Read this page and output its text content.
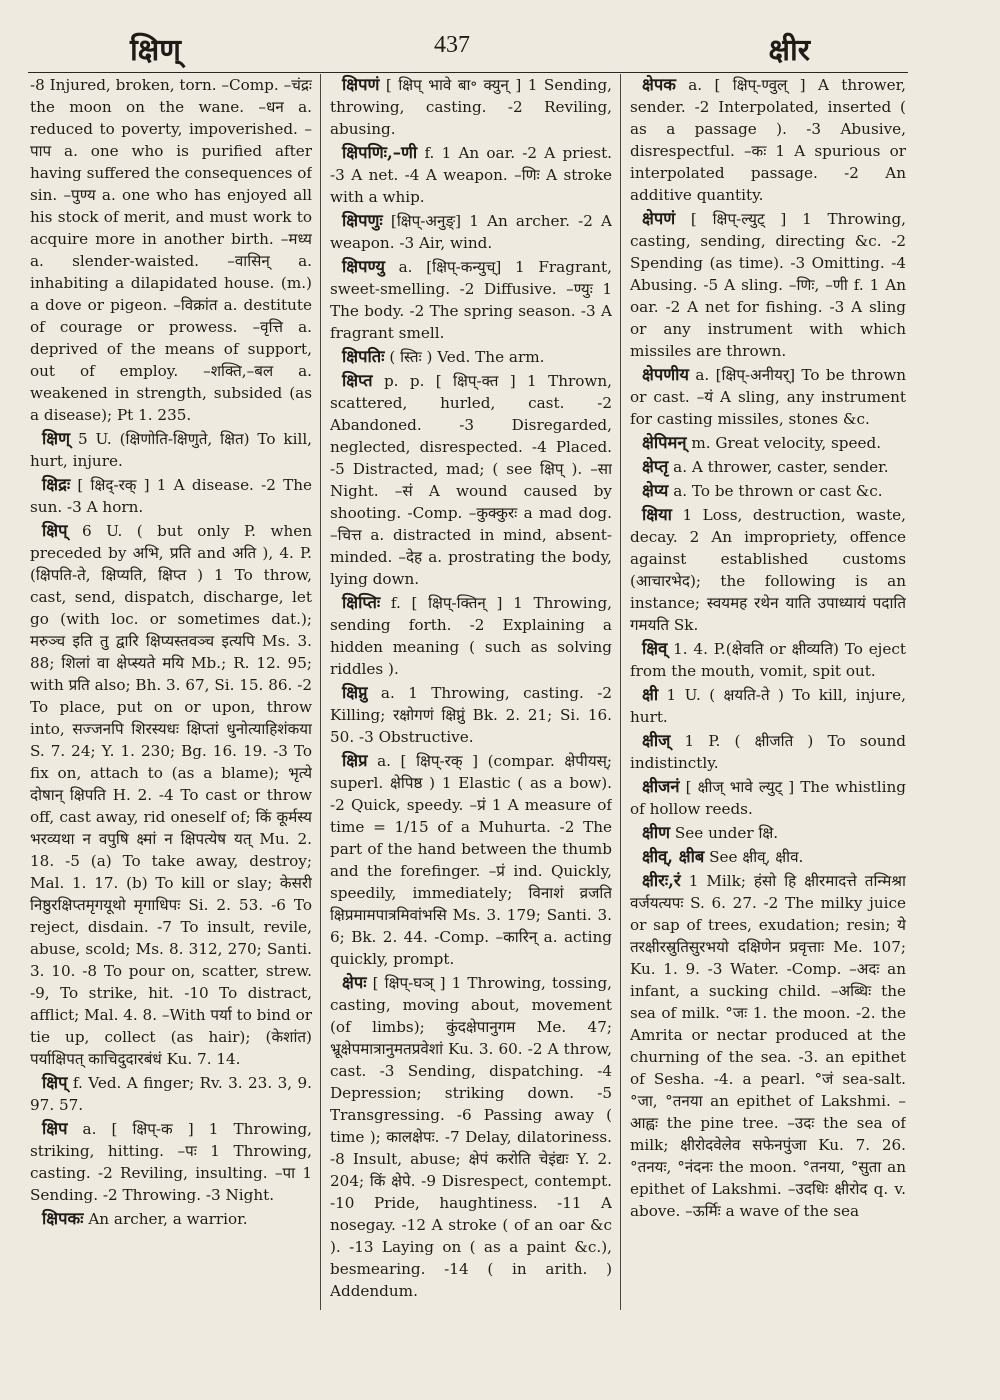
क्षिण्	437	क्षीर

-8 Injured, broken, torn. –Comp. –चंद्रः the moon on the wane. –धन a. reduced to poverty, impoverished. –पाप a. one who is purified after having suffered the consequences of sin. –पुण्य a. one who has enjoyed all his stock of merit, and must work to acquire more in another birth. –मध्य a. slender-waisted. –वासिन् a. inhabiting a dilapidated house. (m.) a dove or pigeon. –विक्रांत a. destitute of courage or prowess. –वृत्ति a. deprived of the means of support, out of employ. –शक्ति,–बल a. weakened in strength, subsided (as a disease); Pt 1. 235.

क्षिण् 5 U. (क्षिणोति-क्षिणुते, क्षित) To kill, hurt, injure.

क्षिद्रः [ क्षिद्-रक् ] 1 A disease. -2 The sun. -3 A horn.

क्षिप् 6 U. ( but only P. when preceded by अभि, प्रति and अति ), 4. P. (क्षिपति-ते, क्षिप्यति, क्षिप्त ) 1 To throw, cast, send, dispatch, discharge, let go (with loc. or sometimes dat.); मरुञ्च इति तु द्वारि क्षिप्यस्तवञ्च इत्यपि Ms. 3. 88; शिलां वा क्षेप्स्यते मयि Mb.; R. 12. 95; with प्रति also; Bh. 3. 67, Si. 15. 86. -2 To place, put on or upon, throw into, सज्जनपि शिरस्यधः क्षिप्तां धुनोत्याहिशंकया S. 7. 24; Y. 1. 230; Bg. 16. 19. -3 To fix on, attach to (as a blame); भृत्ये दोषान् क्षिपति H. 2. -4 To cast or throw off, cast away, rid oneself of; किं कूर्मस्य भरव्यथा न वपुषि क्ष्मां न क्षिपत्येष यत् Mu. 2. 18. -5 (a) To take away, destroy; Mal. 1. 17. (b) To kill or slay; केसरी निष्ठुरक्षिप्तमृगयूथो मृगाधिपः Si. 2. 53. -6 To reject, disdain. -7 To insult, revile, abuse, scold; Ms. 8. 312, 270; Santi. 3. 10. -8 To pour on, scatter, strew. -9, To strike, hit. -10 To distract, afflict; Mal. 4. 8. –With पर्या to bind or tie up, collect (as hair); (केशांत) पर्याक्षिपत् काचिदुदारबंधं Ku. 7. 14.

क्षिप् f. Ved. A finger; Rv. 3. 23. 3, 9. 97. 57.

क्षिप a. [ क्षिप्-क ] 1 Throwing, striking, hitting. –पः 1 Throwing, casting. -2 Reviling, insulting. –पा 1 Sending. -2 Throwing. -3 Night.

क्षिपकः An archer, a warrior.

क्षिपणं [ क्षिप् भावे बा॰ क्युन् ] 1 Sending, throwing, casting. -2 Reviling, abusing.

क्षिपणिः,–णी f. 1 An oar. -2 A priest. -3 A net. -4 A weapon. –णिः A stroke with a whip.

क्षिपणुः [क्षिप्-अनुङ्] 1 An archer. -2 A weapon. -3 Air, wind.

क्षिपण्यु a. [क्षिप्-कन्युच्] 1 Fragrant, sweet-smelling. -2 Diffusive. –ण्युः 1 The body. -2 The spring season. -3 A fragrant smell.

क्षिपतिः ( स्तिः ) Ved. The arm.

क्षिप्त p. p. [ क्षिप्-क्त ] 1 Thrown, scattered, hurled, cast. -2 Abandoned. -3 Disregarded, neglected, disrespected. -4 Placed. -5 Distracted, mad; ( see क्षिप् ). –सा Night. –सं A wound caused by shooting. -Comp. –कुक्कुरः a mad dog. –चित्त a. distracted in mind, absent-minded. –देह a. prostrating the body, lying down.

क्षिप्तिः f. [ क्षिप्-क्तिन् ] 1 Throwing, sending forth. -2 Explaining a hidden meaning ( such as solving riddles ).

क्षिप्नु a. 1 Throwing, casting. -2 Killing; रक्षोगणं क्षिप्नुं Bk. 2. 21; Si. 16. 50. -3 Obstructive.

क्षिप्र a. [ क्षिप्-रक् ] (compar. क्षेपीयस्; superl. क्षेपिष्ठ ) 1 Elastic ( as a bow). -2 Quick, speedy. –प्रं 1 A measure of time = 1/15 of a Muhurta. -2 The part of the hand between the thumb and the forefinger. –प्रं ind. Quickly, speedily, immediately; विनाशं व्रजति क्षिप्रमामपात्रमिवांभसि Ms. 3. 179; Santi. 3. 6; Bk. 2. 44. -Comp. –कारिन् a. acting quickly, prompt.

क्षेपः [ क्षिप्-घञ् ] 1 Throwing, tossing, casting, moving about, movement (of limbs); कुंदक्षेपानुगम Me. 47; भ्रूक्षेपमात्रानुमतप्रवेशां Ku. 3. 60. -2 A throw, cast. -3 Sending, dispatching. -4 Depression; striking down. -5 Transgressing. -6 Passing away ( time ); कालक्षेपः. -7 Delay, dilatoriness. -8 Insult, abuse; क्षेपं करोति चेइंद्यः Y. 2. 204; किं क्षेपे. -9 Disrespect, contempt. -10 Pride, haughtiness. -11 A nosegay. -12 A stroke ( of an oar &c ). -13 Laying on ( as a paint &c.), besmearing. -14 ( in arith. ) Addendum.

क्षेपक a. [ क्षिप्-ण्वुल् ] A thrower, sender. -2 Interpolated, inserted ( as a passage ). -3 Abusive, disrespectful. –कः 1 A spurious or interpolated passage. -2 An additive quantity.

क्षेपणं [ क्षिप्-ल्युट् ] 1 Throwing, casting, sending, directing &c. -2 Spending (as time). -3 Omitting. -4 Abusing. -5 A sling. –णिः, –णी f. 1 An oar. -2 A net for fishing. -3 A sling or any instrument with which missiles are thrown.

क्षेपणीय a. [क्षिप्-अनीयर्] To be thrown or cast. –यं A sling, any instrument for casting missiles, stones &c.

क्षेपिमन् m. Great velocity, speed.

क्षेप्तृ a. A thrower, caster, sender.

क्षेप्य a. To be thrown or cast &c.

क्षिया 1 Loss, destruction, waste, decay. 2 An impropriety, offence against established customs (आचारभेद); the following is an instance; स्वयमह रथेन याति उपाध्यायं पदाति गमयति Sk.

क्षिव् 1. 4. P.(क्षेवति or क्षीव्यति) To eject from the mouth, vomit, spit out.

क्षी 1 U. ( क्षयति-ते ) To kill, injure, hurt.

क्षीज् 1 P. ( क्षीजति ) To sound indistinctly.

क्षीजनं [ क्षीज् भावे ल्युट् ] The whistling of hollow reeds.

क्षीण See under क्षि.

क्षीव्, क्षीब See क्षीव्, क्षीव.

क्षीरः,रं 1 Milk; हंसो हि क्षीरमादत्ते तन्मिश्रा वर्जयत्यपः S. 6. 27. -2 The milky juice or sap of trees, exudation; resin; ये तरक्षीरस्रुतिसुरभयो दक्षिणेन प्रवृत्ताः Me. 107; Ku. 1. 9. -3 Water. -Comp. –अदः an infant, a sucking child. –अब्धिः the sea of milk. °जः 1. the moon. -2. the Amrita or nectar produced at the churning of the sea. -3. an epithet of Sesha. -4. a pearl. °जं sea-salt. °जा, °तनया an epithet of Lakshmi. –आह्वः the pine tree. –उदः the sea of milk; क्षीरोदवेलेव सफेनपुंजा Ku. 7. 26. °तनयः, °नंदनः the moon. °तनया, °सुता an epithet of Lakshmi. –उदधिः क्षीरोद q. v. above. –ऊर्मिः a wave of the sea
